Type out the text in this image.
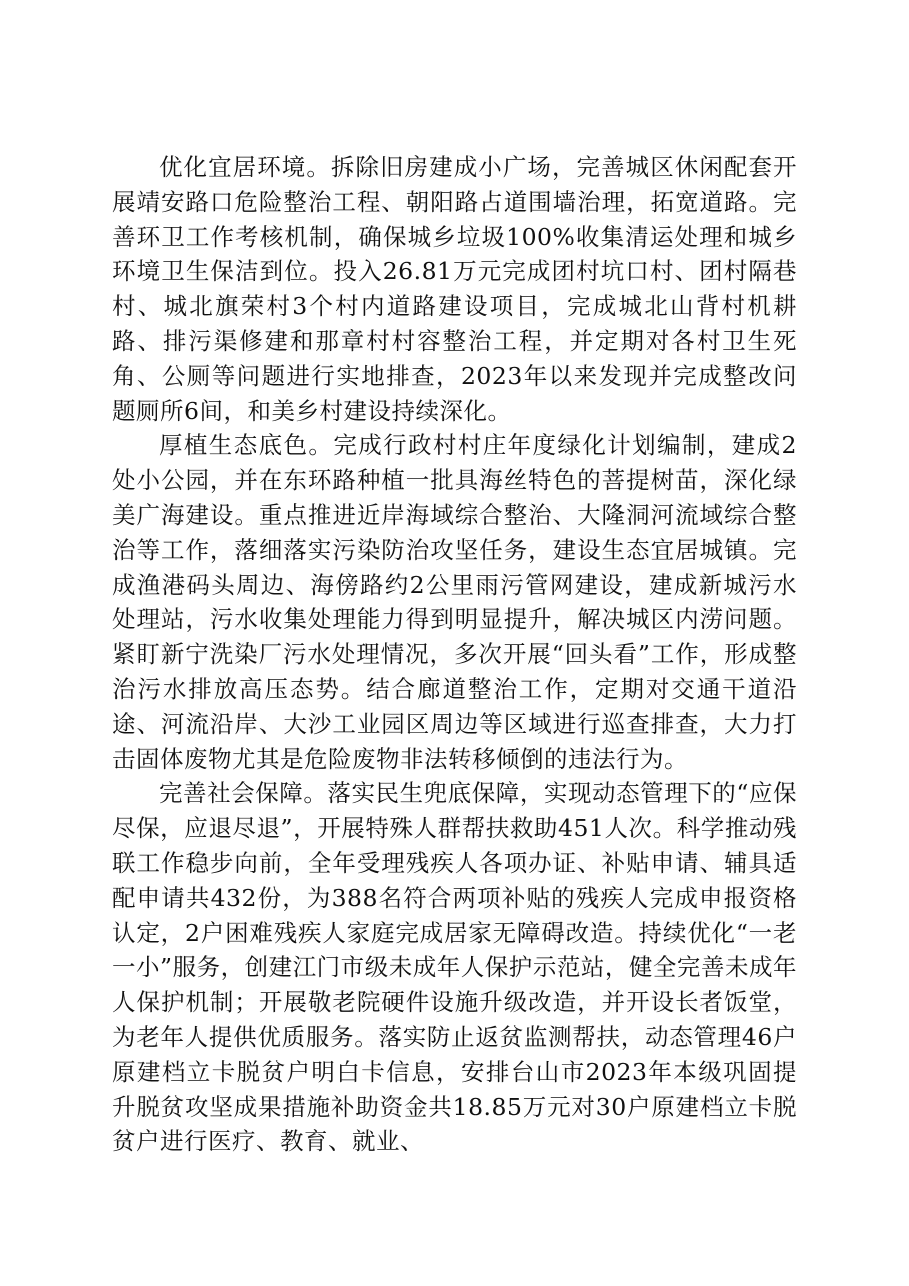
优化宜居环境。拆除旧房建成小广场，完善城区休闲配套开展靖安路口危险整治工程、朝阳路占道围墙治理，拓宽道路。完善环卫工作考核机制，确保城乡垃圾100%收集清运处理和城乡环境卫生保洁到位。投入26.81万元完成团村坑口村、团村隔巷村、城北旗荣村3个村内道路建设项目，完成城北山背村机耕路、排污渠修建和那章村村容整治工程，并定期对各村卫生死角、公厕等问题进行实地排查，2023年以来发现并完成整改问题厕所6间，和美乡村建设持续深化。

厚植生态底色。完成行政村村庄年度绿化计划编制，建成2处小公园，并在东环路种植一批具海丝特色的菩提树苗，深化绿美广海建设。重点推进近岸海域综合整治、大隆洞河流域综合整治等工作，落细落实污染防治攻坚任务，建设生态宜居城镇。完成渔港码头周边、海傍路约2公里雨污管网建设，建成新城污水处理站，污水收集处理能力得到明显提升，解决城区内涝问题。紧盯新宁洗染厂污水处理情况，多次开展“回头看”工作，形成整治污水排放高压态势。结合廊道整治工作，定期对交通干道沿途、河流沿岸、大沙工业园区周边等区域进行巡查排查，大力打击固体废物尤其是危险废物非法转移倾倒的违法行为。

完善社会保障。落实民生兜底保障，实现动态管理下的“应保尽保，应退尽退”，开展特殊人群帮扶救助451人次。科学推动残联工作稳步向前，全年受理残疾人各项办证、补贴申请、辅具适配申请共432份，为388名符合两项补贴的残疾人完成申报资格认定，2户困难残疾人家庭完成居家无障碍改造。持续优化“一老一小”服务，创建江门市级未成年人保护示范站，健全完善未成年人保护机制；开展敬老院硬件设施升级改造，并开设长者饭堂，为老年人提供优质服务。落实防止返贫监测帮扶，动态管理46户原建档立卡脱贫户明白卡信息，安排台山市2023年本级巩固提升脱贫攻坚成果措施补助资金共18.85万元对30户原建档立卡脱贫户进行医疗、教育、就业、
